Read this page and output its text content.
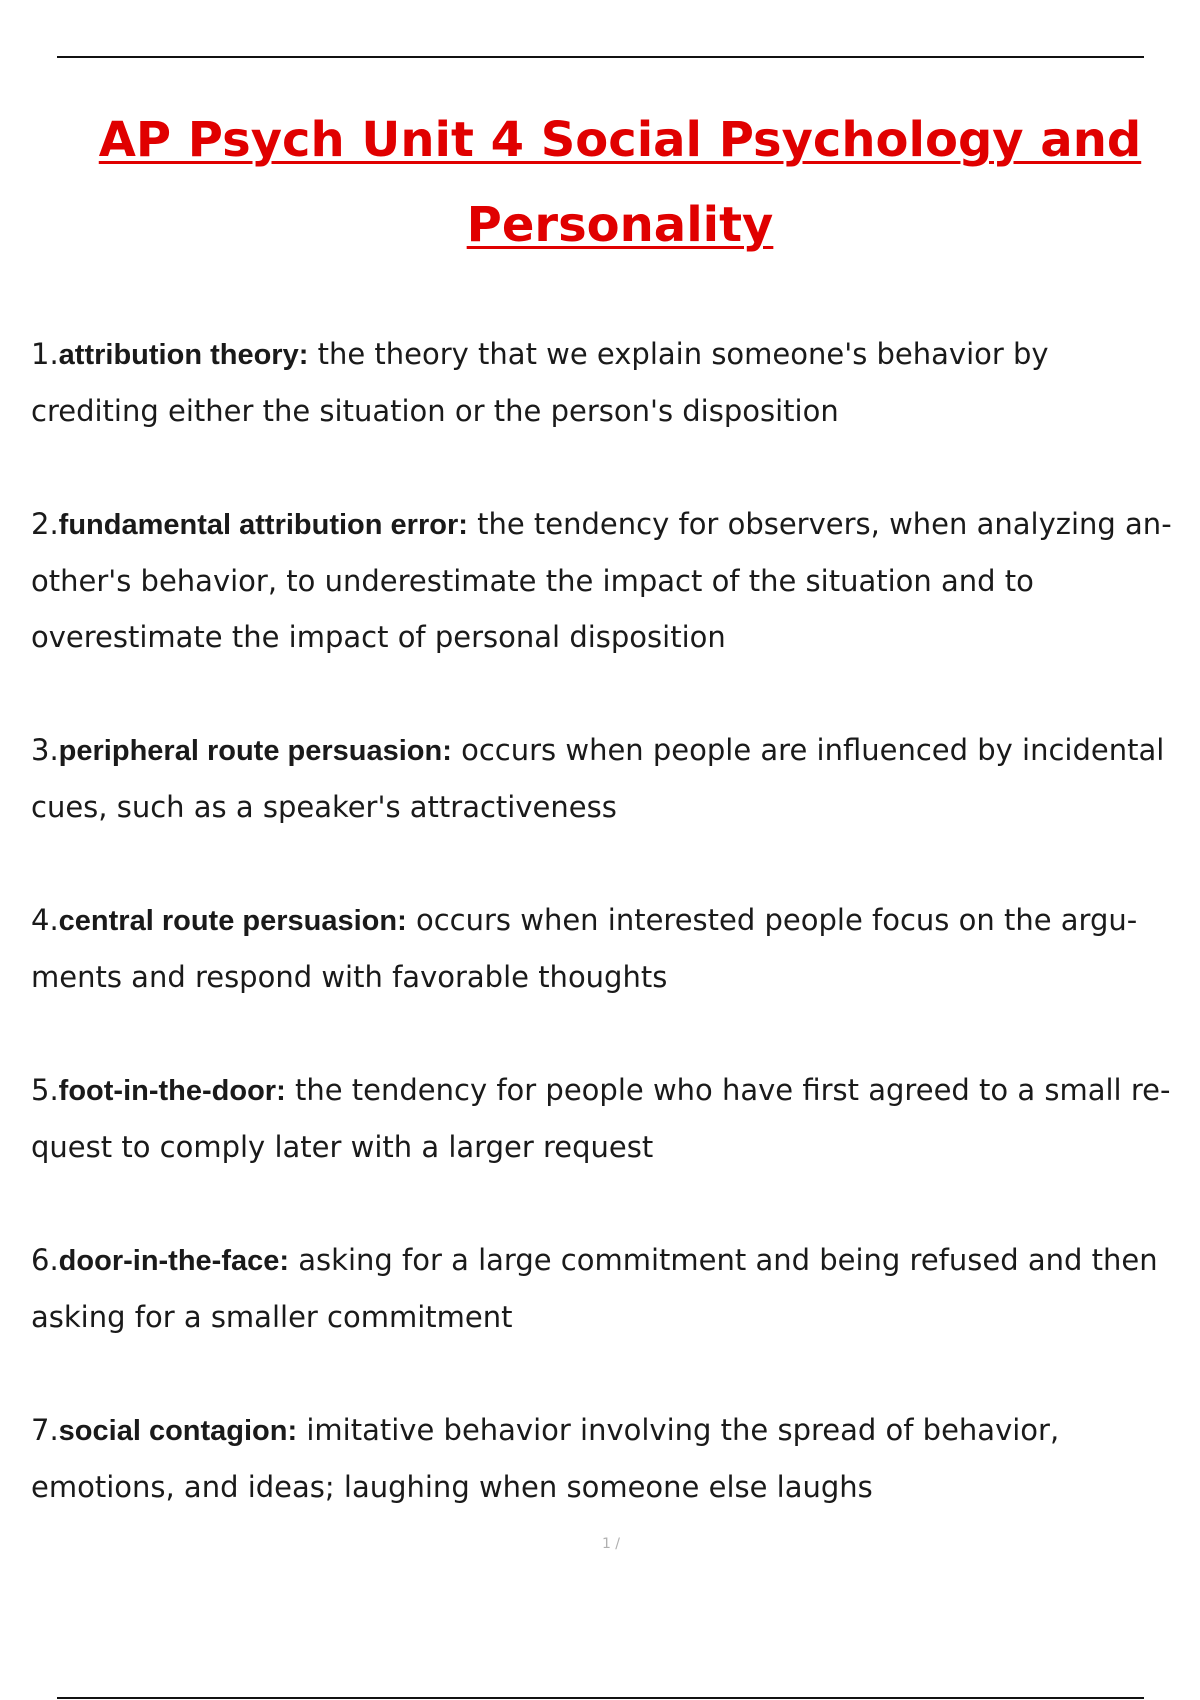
AP Psych Unit 4 Social Psychology and Personality

1.attribution theory: the theory that we explain someone's behavior by crediting either the situation or the person's disposition

2.fundamental attribution error: the tendency for observers, when analyzing an- other's behavior, to underestimate the impact of the situation and to overestimate the impact of personal disposition

3.peripheral route persuasion: occurs when people are influenced by incidental cues, such as a speaker's attractiveness

4.central route persuasion: occurs when interested people focus on the argu- ments and respond with favorable thoughts

5.foot-in-the-door: the tendency for people who have first agreed to a small re- quest to comply later with a larger request

6.door-in-the-face: asking for a large commitment and being refused and then asking for a smaller commitment

7.social contagion: imitative behavior involving the spread of behavior, emotions, and ideas; laughing when someone else laughs

1 /
